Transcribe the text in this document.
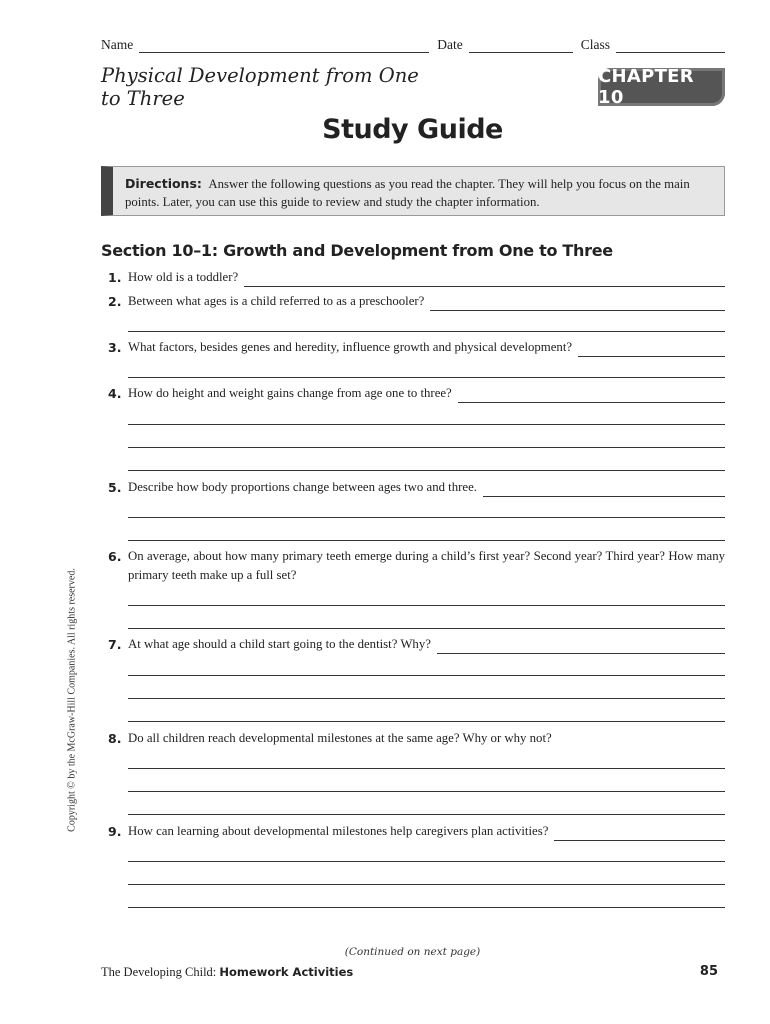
Name	Date	Class
Physical Development from One to Three
CHAPTER 10
Study Guide
Directions: Answer the following questions as you read the chapter. They will help you focus on the main points. Later, you can use this guide to review and study the chapter information.
Section 10–1: Growth and Development from One to Three
1. How old is a toddler?
2. Between what ages is a child referred to as a preschooler?
3. What factors, besides genes and heredity, influence growth and physical development?
4. How do height and weight gains change from age one to three?
5. Describe how body proportions change between ages two and three.
6. On average, about how many primary teeth emerge during a child’s first year? Second year? Third year? How many primary teeth make up a full set?
7. At what age should a child start going to the dentist? Why?
8. Do all children reach developmental milestones at the same age? Why or why not?
9. How can learning about developmental milestones help caregivers plan activities?
Copyright © by the McGraw-Hill Companies. All rights reserved.
(Continued on next page)
The Developing Child: Homework Activities	85
